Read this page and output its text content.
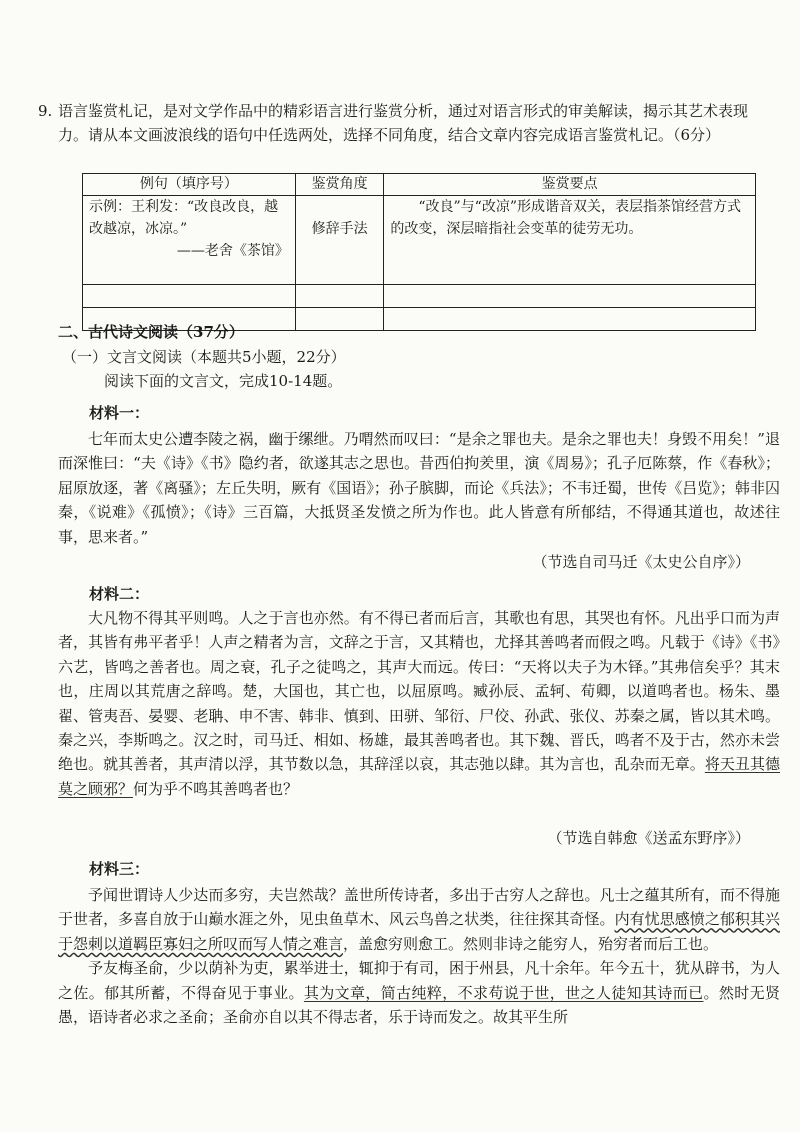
9. 语言鉴赏札记，是对文学作品中的精彩语言进行鉴赏分析，通过对语言形式的审美解读，揭示其艺术表现力。请从本文画波浪线的语句中任选两处，选择不同角度，结合文章内容完成语言鉴赏札记。（6分）
例句（填序号）	鉴赏角度	鉴赏要点

示例：王利发：“改良改良，越改越凉，冰凉。”
——老舍《茶馆》	修辞手法	“改良”与“改凉”形成谐音双关，表层指茶馆经营方式的改变，深层暗指社会变革的徒劳无功。

二、古代诗文阅读（37分）
（一）文言文阅读（本题共5小题，22分）
阅读下面的文言文，完成10-14题。
材料一：

七年而太史公遭李陵之祸，幽于缧绁。乃喟然而叹曰：“是余之罪也夫。是余之罪也夫！身毁不用矣！”退而深惟曰：“夫《诗》《书》隐约者，欲遂其志之思也。昔西伯拘羑里，演《周易》；孔子厄陈蔡，作《春秋》；屈原放逐，著《离骚》；左丘失明，厥有《国语》；孙子膑脚，而论《兵法》；不韦迁蜀，世传《吕览》；韩非囚秦，《说难》《孤愤》；《诗》三百篇，大抵贤圣发愤之所为作也。此人皆意有所郁结，不得通其道也，故述往事，思来者。”

（节选自司马迁《太史公自序》）
材料二：

大凡物不得其平则鸣。人之于言也亦然。有不得已者而后言，其歌也有思，其哭也有怀。凡出乎口而为声者，其皆有弗平者乎！人声之精者为言，文辞之于言，又其精也，尤择其善鸣者而假之鸣。凡载于《诗》《书》六艺，皆鸣之善者也。周之衰，孔子之徒鸣之，其声大而远。传曰：“天将以夫子为木铎。”其弗信矣乎？其末也，庄周以其荒唐之辞鸣。楚，大国也，其亡也，以屈原鸣。臧孙辰、孟轲、荀卿，以道鸣者也。杨朱、墨翟、管夷吾、晏婴、老聃、申不害、韩非、慎到、田骈、邹衍、尸佼、孙武、张仪、苏秦之属，皆以其术鸣。秦之兴，李斯鸣之。汉之时，司马迁、相如、杨雄，最其善鸣者也。其下魏、晋氏，鸣者不及于古，然亦未尝绝也。就其善者，其声清以浮，其节数以急，其辞淫以哀，其志弛以肆。其为言也，乱杂而无章。将天丑其德莫之顾邪？何为乎不鸣其善鸣者也？

（节选自韩愈《送孟东野序》）
材料三：

予闻世谓诗人少达而多穷，夫岂然哉？盖世所传诗者，多出于古穷人之辞也。凡士之蕴其所有，而不得施于世者，多喜自放于山巅水涯之外，见虫鱼草木、风云鸟兽之状类，往往探其奇怪。内有忧思感愤之郁积其兴于怨刺以道羁臣寡妇之所叹而写人情之难言，盖愈穷则愈工。然则非诗之能穷人，殆穷者而后工也。

予友梅圣俞，少以荫补为吏，累举进士，辄抑于有司，困于州县，凡十余年。年今五十，犹从辟书，为人之佐。郁其所蓄，不得奋见于事业。其为文章，简古纯粹，不求苟说于世，世之人徒知其诗而已。然时无贤愚，语诗者必求之圣俞；圣俞亦自以其不得志者，乐于诗而发之。故其平生所
